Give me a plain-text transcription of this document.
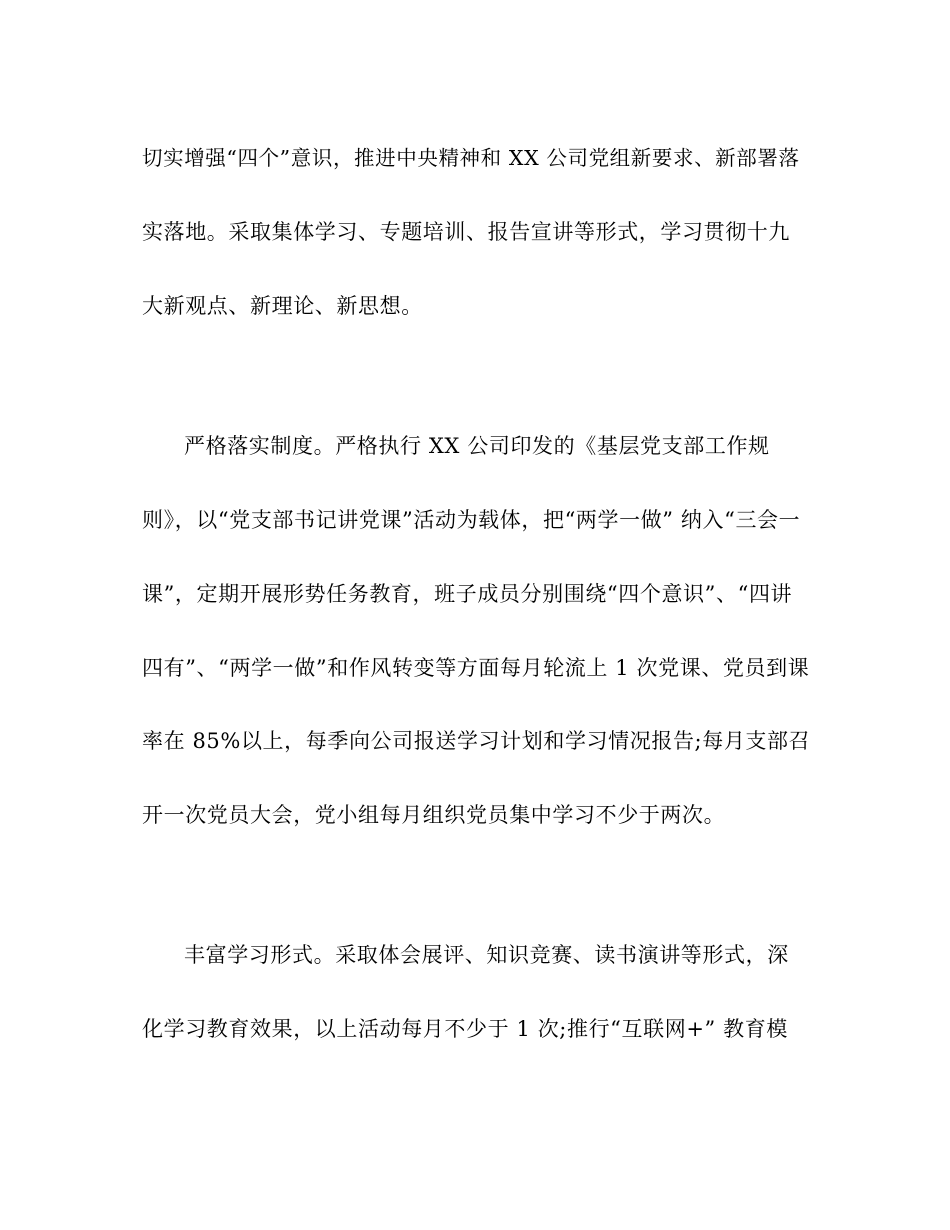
切实增强“四个”意识，推进中央精神和 XX 公司党组新要求、新部署落
实落地。采取集体学习、专题培训、报告宣讲等形式，学习贯彻十九
大新观点、新理论、新思想。
严格落实制度。严格执行 XX 公司印发的《基层党支部工作规
则》，以“党支部书记讲党课”活动为载体，把“两学一做” 纳入“三会一
课”，定期开展形势任务教育，班子成员分别围绕“四个意识”、“四讲
四有”、“两学一做”和作风转变等方面每月轮流上 1 次党课、党员到课
率在 85%以上，每季向公司报送学习计划和学习情况报告;每月支部召
开一次党员大会，党小组每月组织党员集中学习不少于两次。
丰富学习形式。采取体会展评、知识竞赛、读书演讲等形式，深
化学习教育效果，以上活动每月不少于 1 次;推行“互联网+” 教育模
